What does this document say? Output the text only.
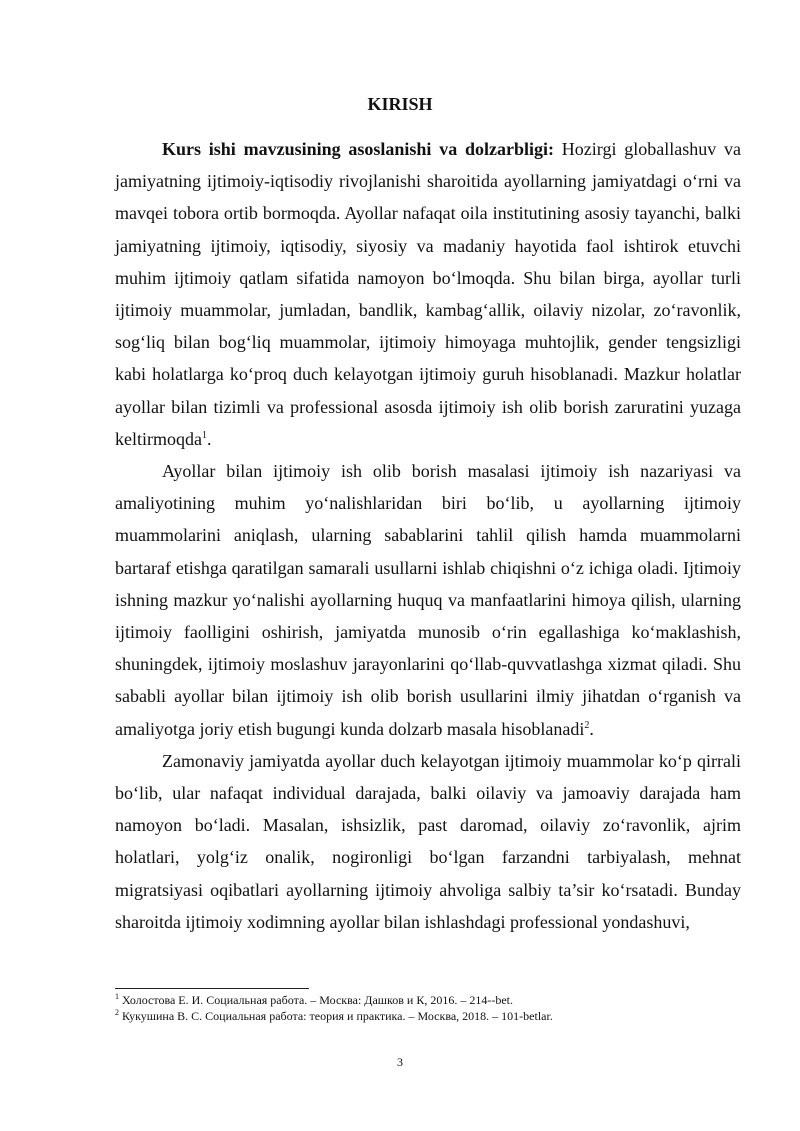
KIRISH

Kurs ishi mavzusining asoslanishi va dolzarbligi: Hozirgi globallashuv va jamiyatning ijtimoiy-iqtisodiy rivojlanishi sharoitida ayollarning jamiyatdagi o‘rni va mavqei tobora ortib bormoqda. Ayollar nafaqat oila institutining asosiy tayanchi, balki jamiyatning ijtimoiy, iqtisodiy, siyosiy va madaniy hayotida faol ishtirok etuvchi muhim ijtimoiy qatlam sifatida namoyon bo‘lmoqda. Shu bilan birga, ayollar turli ijtimoiy muammolar, jumladan, bandlik, kambag‘allik, oilaviy nizolar, zo‘ravonlik, sog‘liq bilan bog‘liq muammolar, ijtimoiy himoyaga muhtojlik, gender tengsizligi kabi holatlarga ko‘proq duch kelayotgan ijtimoiy guruh hisoblanadi. Mazkur holatlar ayollar bilan tizimli va professional asosda ijtimoiy ish olib borish zaruratini yuzaga keltirmoqda$^1$.

Ayollar bilan ijtimoiy ish olib borish masalasi ijtimoiy ish nazariyasi va amaliyotining muhim yo‘nalishlaridan biri bo‘lib, u ayollarning ijtimoiy muammolarini aniqlash, ularning sabablarini tahlil qilish hamda muammolarni bartaraf etishga qaratilgan samarali usullarni ishlab chiqishni o‘z ichiga oladi. Ijtimoiy ishning mazkur yo‘nalishi ayollarning huquq va manfaatlarini himoya qilish, ularning ijtimoiy faolligini oshirish, jamiyatda munosib o‘rin egallashiga ko‘maklashish, shuningdek, ijtimoiy moslashuv jarayonlarini qo‘llab-quvvatlashga xizmat qiladi. Shu sababli ayollar bilan ijtimoiy ish olib borish usullarini ilmiy jihatdan o‘rganish va amaliyotga joriy etish bugungi kunda dolzarb masala hisoblanadi$^2$.

Zamonaviy jamiyatda ayollar duch kelayotgan ijtimoiy muammolar ko‘p qirrali bo‘lib, ular nafaqat individual darajada, balki oilaviy va jamoaviy darajada ham namoyon bo‘ladi. Masalan, ishsizlik, past daromad, oilaviy zo‘ravonlik, ajrim holatlari, yolg‘iz onalik, nogironligi bo‘lgan farzandni tarbiyalash, mehnat migratsiyasi oqibatlari ayollarning ijtimoiy ahvoliga salbiy ta’sir ko‘rsatadi. Bunday sharoitda ijtimoiy xodimning ayollar bilan ishlashdagi professional yondashuvi,

$^1$ Холостова Е. И. Социальная работа. – Москва: Дашков и К, 2016. – 214--bet.
$^2$ Кукушина В. С. Социальная работа: теория и практика. – Москва, 2018. – 101-betlar.
3
